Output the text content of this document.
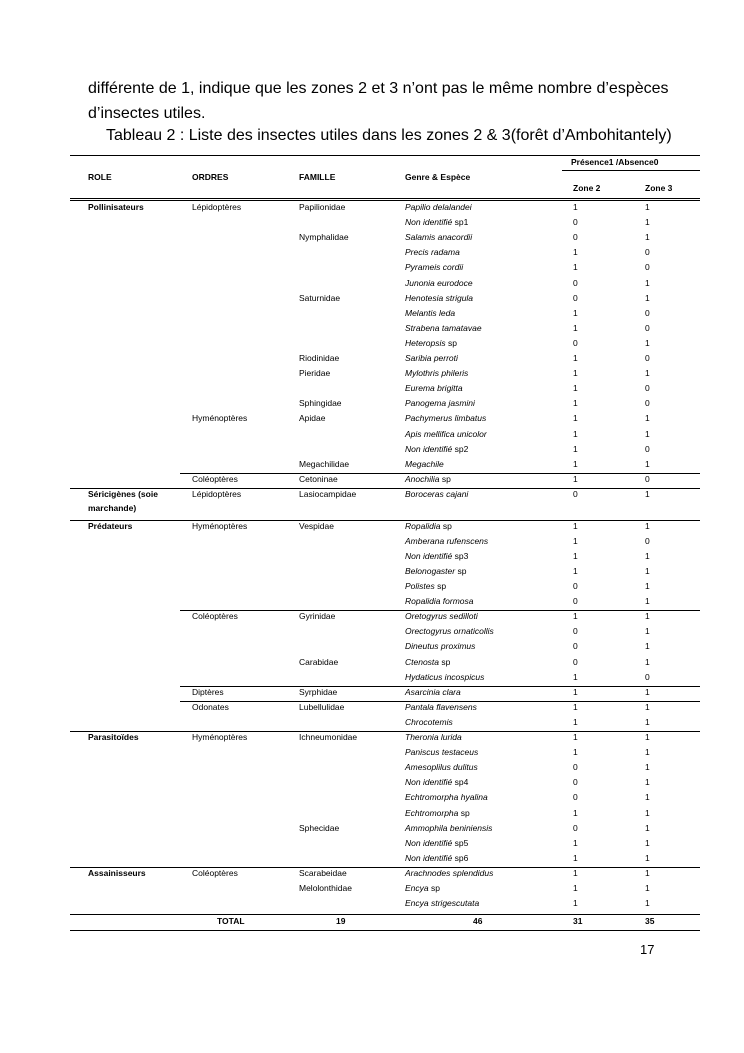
différente de 1, indique que les zones 2 et 3 n’ont pas le même nombre d’espèces d’insectes utiles.
Tableau 2 : Liste des insectes utiles dans les zones 2 & 3(forêt d’Ambohitantely)
Présence1 /Absence0
ROLE	ORDRES	FAMILLE	Genre & Espèce
Zone 2	Zone 3
Pollinisateurs	Lépidoptères	Papilionidae	Papilio delalandei	1	1
Non identifié sp1	0	1
Nymphalidae	Salamis anacordii	0	1
Precis radama	1	0
Pyrameis cordii	1	0
Junonia eurodoce	0	1
Saturnidae	Henotesia strigula	0	1
Melantis leda	1	0
Strabena tamatavae	1	0
Heteropsis sp	0	1
Riodinidae	Saribia perroti	1	0
Pieridae	Mylothris phileris	1	1
Eurema brigitta	1	0
Sphingidae	Panogema jasmini	1	0
Hyménoptères	Apidae	Pachymerus limbatus	1	1
Apis mellifica unicolor	1	1
Non identifié sp2	1	0
Megachilidae	Megachile	1	1
Coléoptères	Cetoninae	Anochilia sp	1	0
Séricigènes (soie
marchande)
Lépidoptères	Lasiocampidae	Boroceras cajani	0	1
Prédateurs	Hyménoptères	Vespidae	Ropalidia sp	1	1
Amberana rufenscens	1	0
Non identifié sp3	1	1
Belonogaster sp	1	1
Polistes sp	0	1
Ropalidia formosa	0	1
Coléoptères	Gyrinidae	Oretogyrus sedilloti	1	1
Orectogyrus ornaticollis	0	1
Dineutus proximus	0	1
Carabidae	Ctenosta sp	0	1
Hydaticus incospicus	1	0
Diptères	Syrphidae	Asarcinia clara	1	1
Odonates	Lubellulidae	Pantala flavensens	1	1
Chrocotemis	1	1
Parasitoïdes	Hyménoptères	Ichneumonidae	Theronia lurida	1	1
Paniscus testaceus	1	1
Amesoplilus dulitus	0	1
Non identifié sp4	0	1
Echtromorpha hyalina	0	1
Echtromorpha sp	1	1
Sphecidae	Ammophila beniniensis	0	1
Non identifié sp5	1	1
Non identifié sp6	1	1
Assainisseurs	Coléoptères	Scarabeidae	Arachnodes splendidus	1	1
Melolonthidae	Encya sp	1	1
Encya strigescutata	1	1
TOTAL	19	46	31	35
17
